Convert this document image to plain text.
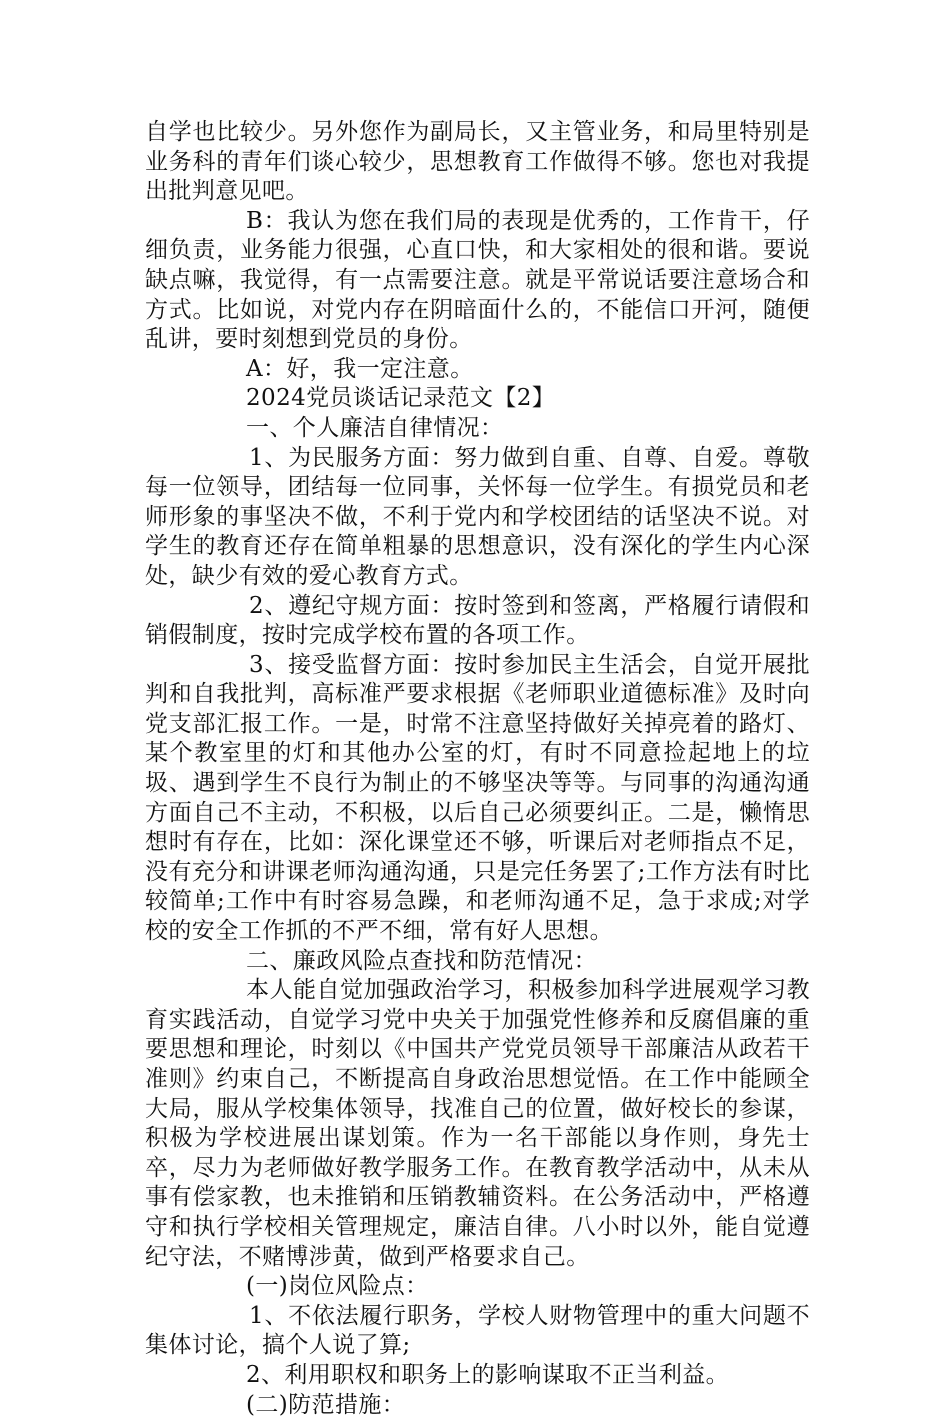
自学也比较少。另外您作为副局长，又主管业务，和局里特别是业务科的青年们谈心较少，思想教育工作做得不够。您也对我提出批判意见吧。

B：我认为您在我们局的表现是优秀的，工作肯干，仔细负责，业务能力很强，心直口快，和大家相处的很和谐。要说缺点嘛，我觉得，有一点需要注意。就是平常说话要注意场合和方式。比如说，对党内存在阴暗面什么的，不能信口开河，随便乱讲，要时刻想到党员的身份。

A：好，我一定注意。

2024党员谈话记录范文【2】

一、个人廉洁自律情况：

1、为民服务方面：努力做到自重、自尊、自爱。尊敬每一位领导，团结每一位同事，关怀每一位学生。有损党员和老师形象的事坚决不做，不利于党内和学校团结的话坚决不说。对学生的教育还存在简单粗暴的思想意识，没有深化的学生内心深处，缺少有效的爱心教育方式。

2、遵纪守规方面：按时签到和签离，严格履行请假和销假制度，按时完成学校布置的各项工作。

3、接受监督方面：按时参加民主生活会，自觉开展批判和自我批判，高标准严要求根据《老师职业道德标准》及时向党支部汇报工作。一是，时常不注意坚持做好关掉亮着的路灯、某个教室里的灯和其他办公室的灯，有时不同意捡起地上的垃圾、遇到学生不良行为制止的不够坚决等等。与同事的沟通沟通方面自己不主动，不积极，以后自己必须要纠正。二是，懒惰思想时有存在，比如：深化课堂还不够，听课后对老师指点不足，没有充分和讲课老师沟通沟通，只是完任务罢了;工作方法有时比较简单;工作中有时容易急躁，和老师沟通不足，急于求成;对学校的安全工作抓的不严不细，常有好人思想。

二、廉政风险点查找和防范情况：

本人能自觉加强政治学习，积极参加科学进展观学习教育实践活动，自觉学习党中央关于加强党性修养和反腐倡廉的重要思想和理论，时刻以《中国共产党党员领导干部廉洁从政若干准则》约束自己，不断提高自身政治思想觉悟。在工作中能顾全大局，服从学校集体领导，找准自己的位置，做好校长的参谋，积极为学校进展出谋划策。作为一名干部能以身作则，身先士卒，尽力为老师做好教学服务工作。在教育教学活动中，从未从事有偿家教，也未推销和压销教辅资料。在公务活动中，严格遵守和执行学校相关管理规定，廉洁自律。八小时以外，能自觉遵纪守法，不赌博涉黄，做到严格要求自己。

(一)岗位风险点：

1、不依法履行职务，学校人财物管理中的重大问题不集体讨论，搞个人说了算;

2、利用职权和职务上的影响谋取不正当利益。

(二)防范措施：
